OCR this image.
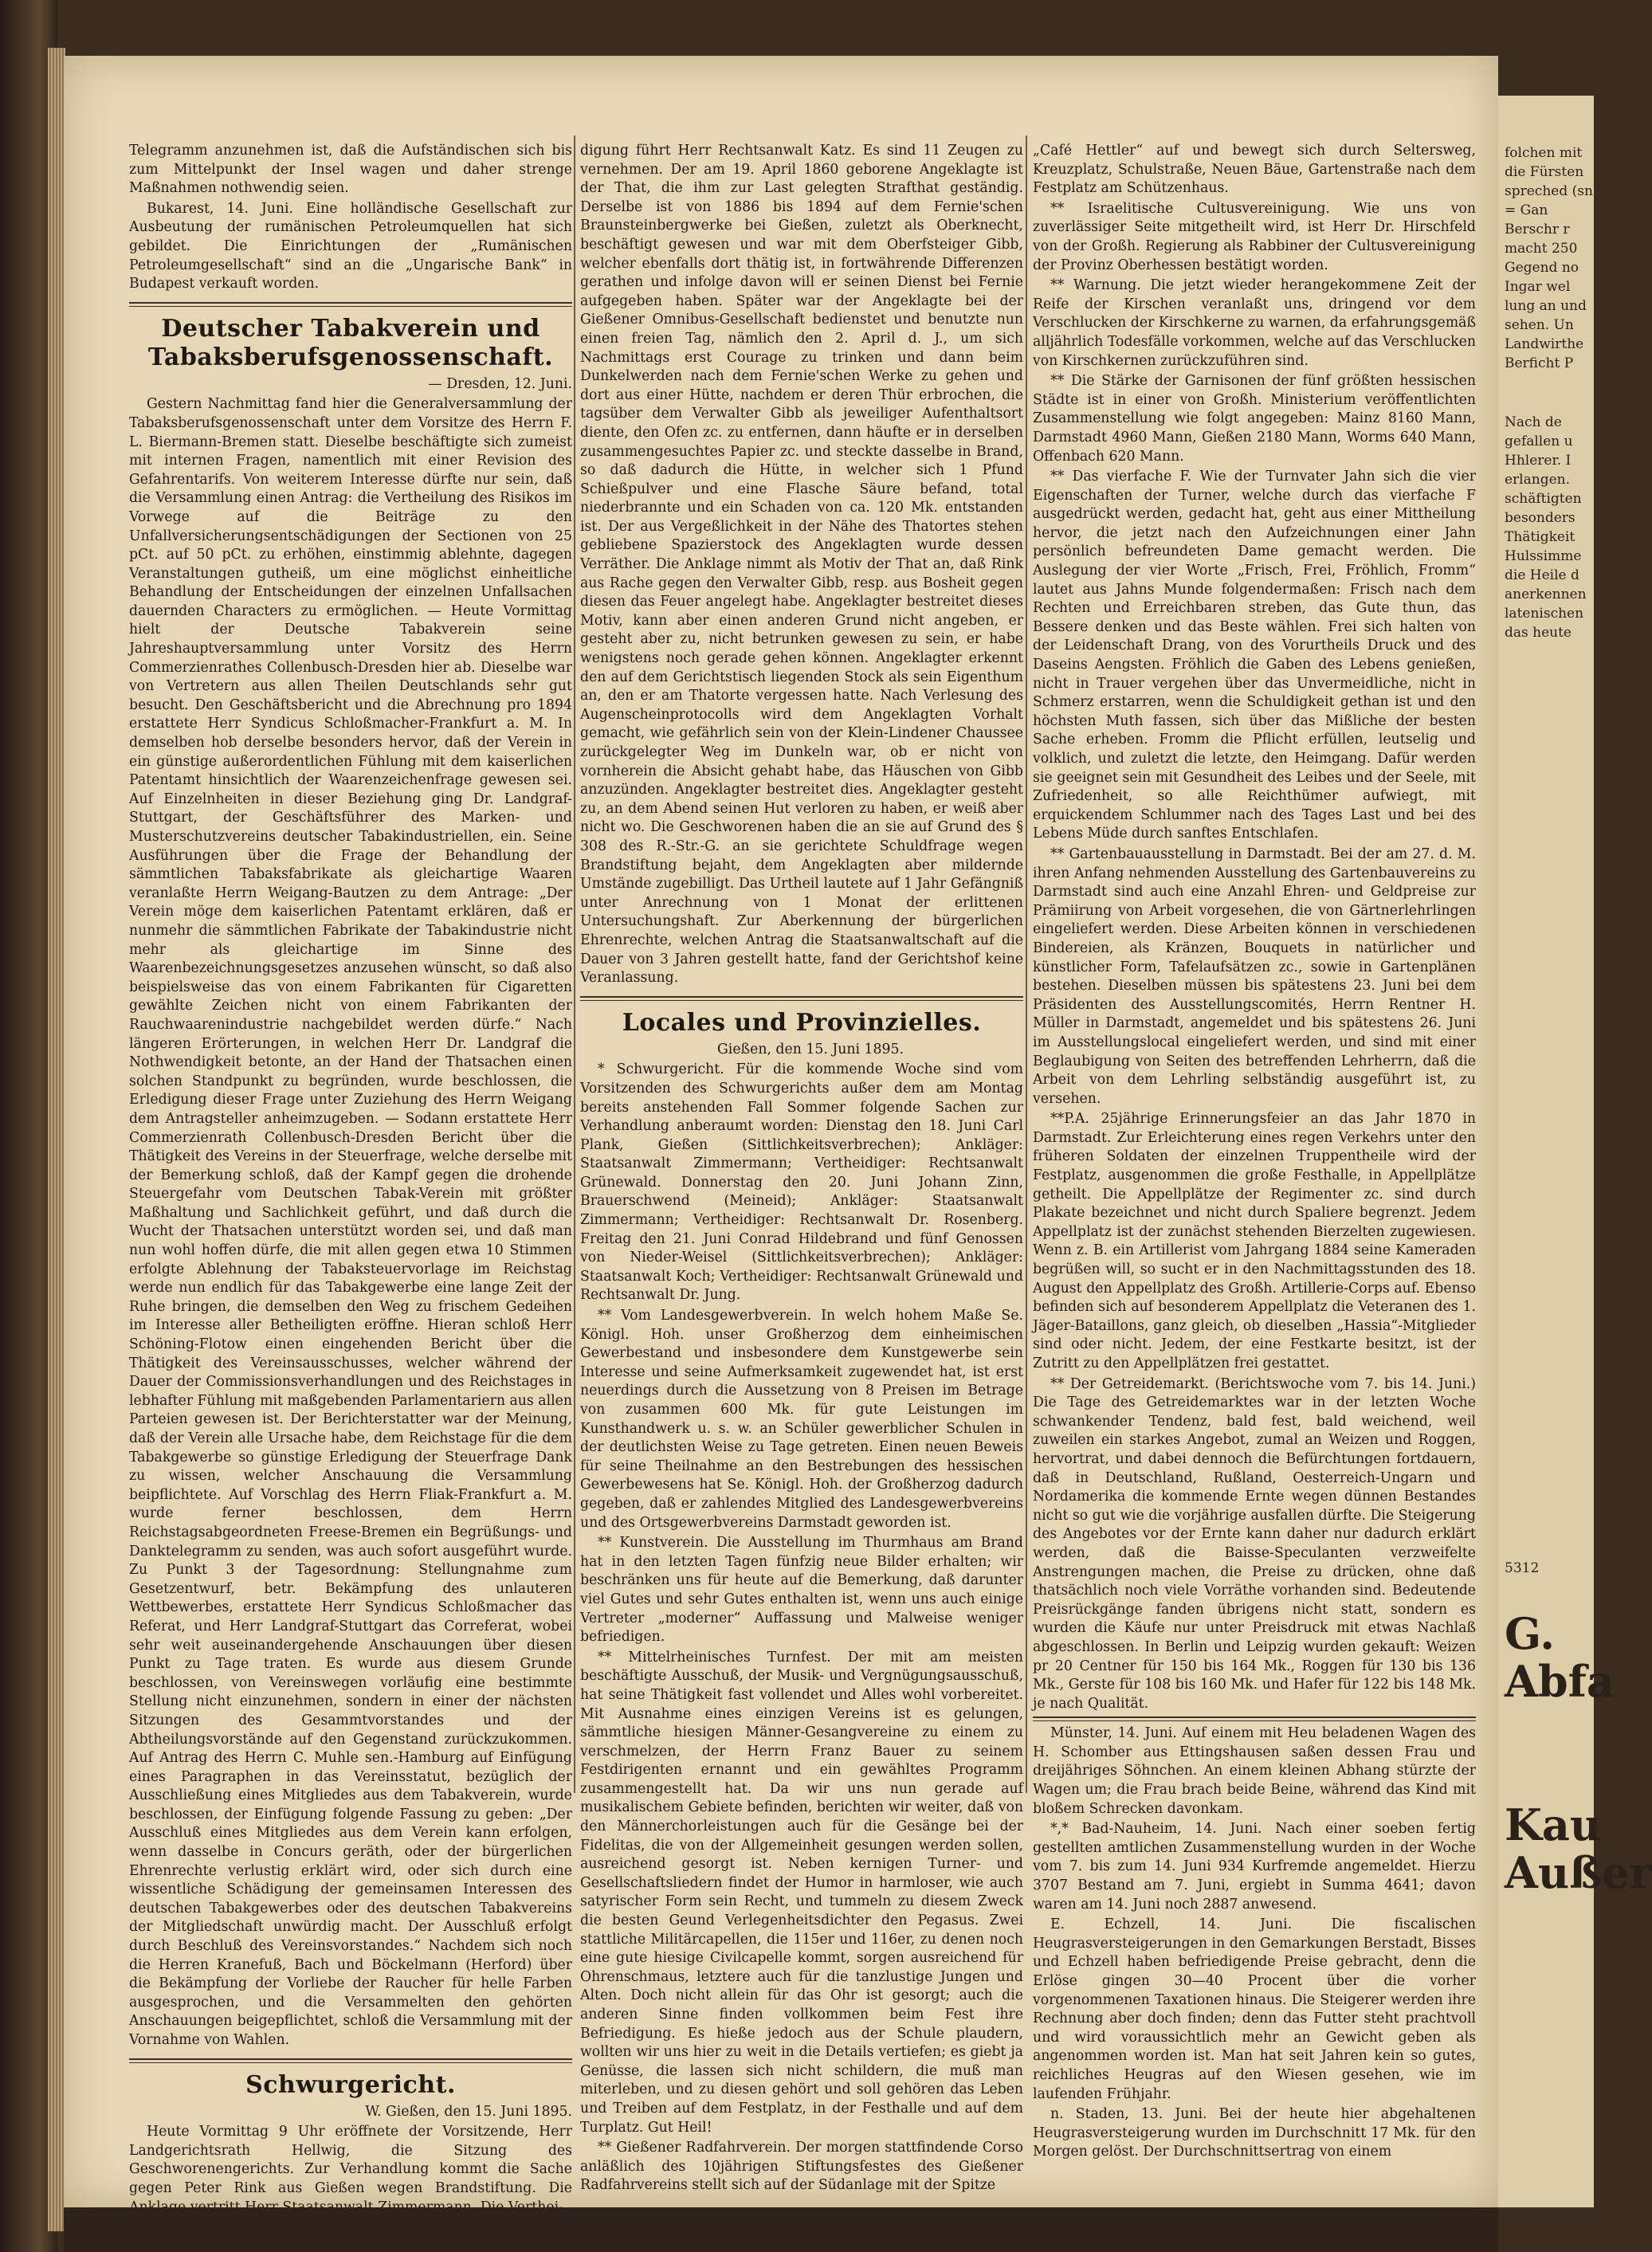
Telegramm anzunehmen ist, daß die Aufständischen sich bis zum Mittelpunkt der Insel wagen und daher strenge Maßnahmen nothwendig seien.

Bukarest, 14. Juni. Eine holländische Gesellschaft zur Ausbeutung der rumänischen Petroleumquellen hat sich gebildet. Die Einrichtungen der „Rumänischen Petroleumgesellschaft“ sind an die „Ungarische Bank“ in Budapest verkauft worden.

Deutscher Tabakverein und Tabaksberufsgenossenschaft.

— Dresden, 12. Juni.

Gestern Nachmittag fand hier die Generalversammlung der Tabaksberufsgenossenschaft unter dem Vorsitze des Herrn F. L. Biermann-Bremen statt. Dieselbe beschäftigte sich zumeist mit internen Fragen, namentlich mit einer Revision des Gefahrentarifs. Von weiterem Interesse dürfte nur sein, daß die Versammlung einen Antrag: die Vertheilung des Risikos im Vorwege auf die Beiträge zu den Unfallversicherungsentschädigungen der Sectionen von 25 pCt. auf 50 pCt. zu erhöhen, einstimmig ablehnte, dagegen Veranstaltungen gutheiß, um eine möglichst einheitliche Behandlung der Entscheidungen der einzelnen Unfallsachen dauernden Characters zu ermöglichen. — Heute Vormittag hielt der Deutsche Tabakverein seine Jahreshauptversammlung unter Vorsitz des Herrn Commerzienrathes Collenbusch-Dresden hier ab. Dieselbe war von Vertretern aus allen Theilen Deutschlands sehr gut besucht. Den Geschäftsbericht und die Abrechnung pro 1894 erstattete Herr Syndicus Schloßmacher-Frankfurt a. M. In demselben hob derselbe besonders hervor, daß der Verein in ein günstige außerordentlichen Fühlung mit dem kaiserlichen Patentamt hinsichtlich der Waarenzeichenfrage gewesen sei. Auf Einzelnheiten in dieser Beziehung ging Dr. Landgraf-Stuttgart, der Geschäftsführer des Marken- und Musterschutzvereins deutscher Tabakindustriellen, ein. Seine Ausführungen über die Frage der Behandlung der sämmtlichen Tabaksfabrikate als gleichartige Waaren veranlaßte Herrn Weigang-Bautzen zu dem Antrage: „Der Verein möge dem kaiserlichen Patentamt erklären, daß er nunmehr die sämmtlichen Fabrikate der Tabakindustrie nicht mehr als gleichartige im Sinne des Waarenbezeichnungsgesetzes anzusehen wünscht, so daß also beispielsweise das von einem Fabrikanten für Cigaretten gewählte Zeichen nicht von einem Fabrikanten der Rauchwaarenindustrie nachgebildet werden dürfe.“ Nach längeren Erörterungen, in welchen Herr Dr. Landgraf die Nothwendigkeit betonte, an der Hand der Thatsachen einen solchen Standpunkt zu begründen, wurde beschlossen, die Erledigung dieser Frage unter Zuziehung des Herrn Weigang dem Antragsteller anheimzugeben. — Sodann erstattete Herr Commerzienrath Collenbusch-Dresden Bericht über die Thätigkeit des Vereins in der Steuerfrage, welche derselbe mit der Bemerkung schloß, daß der Kampf gegen die drohende Steuergefahr vom Deutschen Tabak-Verein mit größter Maßhaltung und Sachlichkeit geführt, und daß durch die Wucht der Thatsachen unterstützt worden sei, und daß man nun wohl hoffen dürfe, die mit allen gegen etwa 10 Stimmen erfolgte Ablehnung der Tabaksteuervorlage im Reichstag werde nun endlich für das Tabakgewerbe eine lange Zeit der Ruhe bringen, die demselben den Weg zu frischem Gedeihen im Interesse aller Betheiligten eröffne. Hieran schloß Herr Schöning-Flotow einen eingehenden Bericht über die Thätigkeit des Vereinsausschusses, welcher während der Dauer der Commissionsverhandlungen und des Reichstages in lebhafter Fühlung mit maßgebenden Parlamentariern aus allen Parteien gewesen ist. Der Berichterstatter war der Meinung, daß der Verein alle Ursache habe, dem Reichstage für die dem Tabakgewerbe so günstige Erledigung der Steuerfrage Dank zu wissen, welcher Anschauung die Versammlung beipflichtete. Auf Vorschlag des Herrn Fliak-Frankfurt a. M. wurde ferner beschlossen, dem Herrn Reichstagsabgeordneten Freese-Bremen ein Begrüßungs- und Danktelegramm zu senden, was auch sofort ausgeführt wurde. Zu Punkt 3 der Tagesordnung: Stellungnahme zum Gesetzentwurf, betr. Bekämpfung des unlauteren Wettbewerbes, erstattete Herr Syndicus Schloßmacher das Referat, und Herr Landgraf-Stuttgart das Correferat, wobei sehr weit auseinandergehende Anschauungen über diesen Punkt zu Tage traten. Es wurde aus diesem Grunde beschlossen, von Vereinswegen vorläufig eine bestimmte Stellung nicht einzunehmen, sondern in einer der nächsten Sitzungen des Gesammtvorstandes und der Abtheilungsvorstände auf den Gegenstand zurückzukommen. Auf Antrag des Herrn C. Muhle sen.-Hamburg auf Einfügung eines Paragraphen in das Vereinsstatut, bezüglich der Ausschließung eines Mitgliedes aus dem Tabakverein, wurde beschlossen, der Einfügung folgende Fassung zu geben: „Der Ausschluß eines Mitgliedes aus dem Verein kann erfolgen, wenn dasselbe in Concurs geräth, oder der bürgerlichen Ehrenrechte verlustig erklärt wird, oder sich durch eine wissentliche Schädigung der gemeinsamen Interessen des deutschen Tabakgewerbes oder des deutschen Tabakvereins der Mitgliedschaft unwürdig macht. Der Ausschluß erfolgt durch Beschluß des Vereinsvorstandes.“ Nachdem sich noch die Herren Kranefuß, Bach und Böckelmann (Herford) über die Bekämpfung der Vorliebe der Raucher für helle Farben ausgesprochen, und die Versammelten den gehörten Anschauungen beigepflichtet, schloß die Versammlung mit der Vornahme von Wahlen.

Schwurgericht.

W. Gießen, den 15. Juni 1895.

Heute Vormittag 9 Uhr eröffnete der Vorsitzende, Herr Landgerichtsrath Hellwig, die Sitzung des Geschworenengerichts. Zur Verhandlung kommt die Sache gegen Peter Rink aus Gießen wegen Brandstiftung. Die

digung führt Herr Rechtsanwalt Katz. Es sind 11 Zeugen zu vernehmen. Der am 19. April 1860 geborene Angeklagte ist der That, die ihm zur Last gelegten Strafthat geständig. Derselbe ist von 1886 bis 1894 auf dem Fernie'schen Braunsteinbergwerke bei Gießen, zuletzt als Oberknecht, beschäftigt gewesen und war mit dem Oberfsteiger Gibb, welcher ebenfalls dort thätig ist, in fortwährende Differenzen gerathen und infolge davon will er seinen Dienst bei Fernie aufgegeben haben. Später war der Angeklagte bei der Gießener Omnibus-Gesellschaft bedienstet und benutzte nun einen freien Tag, nämlich den 2. April d. J., um sich Nachmittags erst Courage zu trinken und dann beim Dunkelwerden nach dem Fernie'schen Werke zu gehen und dort aus einer Hütte, nachdem er deren Thür erbrochen, die tagsüber dem Verwalter Gibb als jeweiliger Aufenthaltsort diente, den Ofen zc. zu entfernen, dann häufte er in derselben zusammengesuchtes Papier zc. und steckte dasselbe in Brand, so daß dadurch die Hütte, in welcher sich 1 Pfund Schießpulver und eine Flasche Säure befand, total niederbrannte und ein Schaden von ca. 120 Mk. entstanden ist. Der aus Vergeßlichkeit in der Nähe des Thatortes stehen gebliebene Spazierstock des Angeklagten wurde dessen Verräther. Die Anklage nimmt als Motiv der That an, daß Rink aus Rache gegen den Verwalter Gibb, resp. aus Bosheit gegen diesen das Feuer angelegt habe. Angeklagter bestreitet dieses Motiv, kann aber einen anderen Grund nicht angeben, er gesteht aber zu, nicht betrunken gewesen zu sein, er habe wenigstens noch gerade gehen können. Angeklagter erkennt den auf dem Gerichtstisch liegenden Stock als sein Eigenthum an, den er am Thatorte vergessen hatte. Nach Verlesung des Augenscheinprotocolls wird dem Angeklagten Vorhalt gemacht, wie gefährlich sein von der Klein-Lindener Chaussee zurückgelegter Weg im Dunkeln war, ob er nicht von vornherein die Absicht gehabt habe, das Häuschen von Gibb anzuzünden. Angeklagter bestreitet dies. Angeklagter gesteht zu, an dem Abend seinen Hut verloren zu haben, er weiß aber nicht wo. Die Geschworenen haben die an sie auf Grund des § 308 des R.-Str.-G. an sie gerichtete Schuldfrage wegen Brandstiftung bejaht, dem Angeklagten aber mildernde Umstände zugebilligt. Das Urtheil lautete auf 1 Jahr Gefängniß unter Anrechnung von 1 Monat der erlittenen Untersuchungshaft. Zur Aberkennung der bürgerlichen Ehrenrechte, welchen Antrag die Staatsanwaltschaft auf die Dauer von 3 Jahren gestellt hatte, fand der Gerichtshof keine Veranlassung.

Locales und Provinzielles.

Gießen, den 15. Juni 1895.

* Schwurgericht. Für die kommende Woche sind vom Vorsitzenden des Schwurgerichts außer dem am Montag bereits anstehenden Fall Sommer folgende Sachen zur Verhandlung anberaumt worden: Dienstag den 18. Juni Carl Plank, Gießen (Sittlichkeitsverbrechen); Ankläger: Staatsanwalt Zimmermann; Vertheidiger: Rechtsanwalt Grünewald. Donnerstag den 20. Juni Johann Zinn, Brauerschwend (Meineid); Ankläger: Staatsanwalt Zimmermann; Vertheidiger: Rechtsanwalt Dr. Rosenberg. Freitag den 21. Juni Conrad Hildebrand und fünf Genossen von Nieder-Weisel (Sittlichkeitsverbrechen); Ankläger: Staatsanwalt Koch; Vertheidiger: Rechtsanwalt Grünewald und Rechtsanwalt Dr. Jung.

** Vom Landesgewerbverein. In welch hohem Maße Se. Königl. Hoh. unser Großherzog dem einheimischen Gewerbestand und insbesondere dem Kunstgewerbe sein Interesse und seine Aufmerksamkeit zugewendet hat, ist erst neuerdings durch die Aussetzung von 8 Preisen im Betrage von zusammen 600 Mk. für gute Leistungen im Kunsthandwerk u. s. w. an Schüler gewerblicher Schulen in der deutlichsten Weise zu Tage getreten. Einen neuen Beweis für seine Theilnahme an den Bestrebungen des hessischen Gewerbewesens hat Se. Königl. Hoh. der Großherzog dadurch gegeben, daß er zahlendes Mitglied des Landesgewerbvereins und des Ortsgewerbvereins Darmstadt geworden ist.

** Kunstverein. Die Ausstellung im Thurmhaus am Brand hat in den letzten Tagen fünfzig neue Bilder erhalten; wir beschränken uns für heute auf die Bemerkung, daß darunter viel Gutes und sehr Gutes enthalten ist, wenn uns auch einige Vertreter „moderner“ Auffassung und Malweise weniger befriedigen.

** Mittelrheinisches Turnfest. Der mit am meisten beschäftigte Ausschuß, der Musik- und Vergnügungsausschuß, hat seine Thätigkeit fast vollendet und Alles wohl vorbereitet. Mit Ausnahme eines einzigen Vereins ist es gelungen, sämmtliche hiesigen Männer-Gesangvereine zu einem zu verschmelzen, der Herrn Franz Bauer zu seinem Festdirigenten ernannt und ein gewähltes Programm zusammengestellt hat. Da wir uns nun gerade auf musikalischem Gebiete befinden, berichten wir weiter, daß von den Männerchorleistungen auch für die Gesänge bei der Fidelitas, die von der Allgemeinheit gesungen werden sollen, ausreichend gesorgt ist. Neben kernigen Turner- und Gesellschaftsliedern findet der Humor in harmloser, wie auch satyrischer Form sein Recht, und tummeln zu diesem Zweck die besten Geund Verlegenheitsdichter den Pegasus. Zwei stattliche Militärcapellen, die 115er und 116er, zu denen noch eine gute hiesige Civilcapelle kommt, sorgen ausreichend für Ohrenschmaus, letztere auch für die tanzlustige Jungen und Alten. Doch nicht allein für das Ohr ist gesorgt; auch die anderen Sinne finden vollkommen beim Fest ihre Befriedigung. Es hieße jedoch aus der Schule plaudern, wollten wir uns hier zu weit in die Details vertiefen; es giebt ja Genüsse, die lassen sich nicht schildern, die muß man miterleben, und zu diesen gehört und soll gehören das Leben und Treiben auf dem Festplatz, in der Festhalle und auf dem Turplatz. Gut Heil!

** Gießener Radfahrverein. Der morgen stattfindende Corso anläßlich des 10jährigen Stiftungsfestes des Gießener Radfahrvereins stellt sich auf der Südanlage mit der Spitze

„Café Hettler“ auf und bewegt sich durch Seltersweg, Kreuzplatz, Schulstraße, Neuen Bäue, Gartenstraße nach dem Festplatz am Schützenhaus.

** Israelitische Cultusvereinigung. Wie uns von zuverlässiger Seite mitgetheilt wird, ist Herr Dr. Hirschfeld von der Großh. Regierung als Rabbiner der Cultusvereinigung der Provinz Oberhessen bestätigt worden.

** Warnung. Die jetzt wieder herangekommene Zeit der Reife der Kirschen veranlaßt uns, dringend vor dem Verschlucken der Kirschkerne zu warnen, da erfahrungsgemäß alljährlich Todesfälle vorkommen, welche auf das Verschlucken von Kirschkernen zurückzuführen sind.

** Die Stärke der Garnisonen der fünf größten hessischen Städte ist in einer von Großh. Ministerium veröffentlichten Zusammenstellung wie folgt angegeben: Mainz 8160 Mann, Darmstadt 4960 Mann, Gießen 2180 Mann, Worms 640 Mann, Offenbach 620 Mann.

** Das vierfache F. Wie der Turnvater Jahn sich die vier Eigenschaften der Turner, welche durch das vierfache F ausgedrückt werden, gedacht hat, geht aus einer Mittheilung hervor, die jetzt nach den Aufzeichnungen einer Jahn persönlich befreundeten Dame gemacht werden. Die Auslegung der vier Worte „Frisch, Frei, Fröhlich, Fromm“ lautet aus Jahns Munde folgendermaßen: Frisch nach dem Rechten und Erreichbaren streben, das Gute thun, das Bessere denken und das Beste wählen. Frei sich halten von der Leidenschaft Drang, von des Vorurtheils Druck und des Daseins Aengsten. Fröhlich die Gaben des Lebens genießen, nicht in Trauer vergehen über das Unvermeidliche, nicht in Schmerz erstarren, wenn die Schuldigkeit gethan ist und den höchsten Muth fassen, sich über das Mißliche der besten Sache erheben. Fromm die Pflicht erfüllen, leutselig und volklich, und zuletzt die letzte, den Heimgang. Dafür werden sie geeignet sein mit Gesundheit des Leibes und der Seele, mit Zufriedenheit, so alle Reichthümer aufwiegt, mit erquickendem Schlummer nach des Tages Last und bei des Lebens Müde durch sanftes Entschlafen.

** Gartenbauausstellung in Darmstadt. Bei der am 27. d. M. ihren Anfang nehmenden Ausstellung des Gartenbauvereins zu Darmstadt sind auch eine Anzahl Ehren- und Geldpreise zur Prämiirung von Arbeit vorgesehen, die von Gärtnerlehrlingen eingeliefert werden. Diese Arbeiten können in verschiedenen Bindereien, als Kränzen, Bouquets in natürlicher und künstlicher Form, Tafelaufsätzen zc., sowie in Gartenplänen bestehen. Dieselben müssen bis spätestens 23. Juni bei dem Präsidenten des Ausstellungscomités, Herrn Rentner H. Müller in Darmstadt, angemeldet und bis spätestens 26. Juni im Ausstellungslocal eingeliefert werden, und sind mit einer Beglaubigung von Seiten des betreffenden Lehrherrn, daß die Arbeit von dem Lehrling selbständig ausgeführt ist, zu versehen.

**P.A. 25jährige Erinnerungsfeier an das Jahr 1870 in Darmstadt. Zur Erleichterung eines regen Verkehrs unter den früheren Soldaten der einzelnen Truppentheile wird der Festplatz, ausgenommen die große Festhalle, in Appellplätze getheilt. Die Appellplätze der Regimenter zc. sind durch Plakate bezeichnet und nicht durch Spaliere begrenzt. Jedem Appellplatz ist der zunächst stehenden Bierzelten zugewiesen. Wenn z. B. ein Artillerist vom Jahrgang 1884 seine Kameraden begrüßen will, so sucht er in den Nachmittagsstunden des 18. August den Appellplatz des Großh. Artillerie-Corps auf. Ebenso befinden sich auf besonderem Appellplatz die Veteranen des 1. Jäger-Bataillons, ganz gleich, ob dieselben „Hassia“-Mitglieder sind oder nicht. Jedem, der eine Festkarte besitzt, ist der Zutritt zu den Appellplätzen frei gestattet.

** Der Getreidemarkt. (Berichtswoche vom 7. bis 14. Juni.) Die Tage des Getreidemarktes war in der letzten Woche schwankender Tendenz, bald fest, bald weichend, weil zuweilen ein starkes Angebot, zumal an Weizen und Roggen, hervortrat, und dabei dennoch die Befürchtungen fortdauern, daß in Deutschland, Rußland, Oesterreich-Ungarn und Nordamerika die kommende Ernte wegen dünnen Bestandes nicht so gut wie die vorjährige ausfallen dürfte. Die Steigerung des Angebotes vor der Ernte kann daher nur dadurch erklärt werden, daß die Baisse-Speculanten verzweifelte Anstrengungen machen, die Preise zu drücken, ohne daß thatsächlich noch viele Vorräthe vorhanden sind. Bedeutende Preisrückgänge fanden übrigens nicht statt, sondern es wurden die Käufe nur unter Preisdruck mit etwas Nachlaß abgeschlossen. In Berlin und Leipzig wurden gekauft: Weizen pr 20 Centner für 150 bis 164 Mk., Roggen für 130 bis 136 Mk., Gerste für 108 bis 160 Mk. und Hafer für 122 bis 148 Mk. je nach Qualität.

Münster, 14. Juni. Auf einem mit Heu beladenen Wagen des H. Schomber aus Ettingshausen saßen dessen Frau und dreijähriges Söhnchen. An einem kleinen Abhang stürzte der Wagen um; die Frau brach beide Beine, während das Kind mit bloßem Schrecken davonkam.

*,* Bad-Nauheim, 14. Juni. Nach einer soeben fertig gestellten amtlichen Zusammenstellung wurden in der Woche vom 7. bis zum 14. Juni 934 Kurfremde angemeldet. Hierzu 3707 Bestand am 7. Juni, ergiebt in Summa 4641; davon waren am 14. Juni noch 2887 anwesend.

E. Echzell, 14. Juni. Die fiscalischen Heugrasversteigerungen in den Gemarkungen Berstadt, Bisses und Echzell haben befriedigende Preise gebracht, denn die Erlöse gingen 30—40 Procent über die vorher vorgenommenen Taxationen hinaus. Die Steigerer werden ihre Rechnung aber doch finden; denn das Futter steht prachtvoll und wird voraussichtlich mehr an Gewicht geben als angenommen worden ist. Man hat seit Jahren kein so gutes, reichliches Heugras auf den Wiesen gesehen, wie im laufenden Frühjahr.

n. Staden, 13. Juni. Bei der heute hier abgehaltenen Heugrasversteigerung wurden im Durchschnitt 17 Mk. für den Morgen gelöst. Der Durchschnittsertrag von einem

folchen mit
die Fürsten
spreched (sn
= Gan
Berschr r
macht 250
Gegend no
Ingar wel
lung an und
sehen. Un
Landwirthe
Berficht P
Nach de
gefallen u
Hhlerer. I
erlangen.
schäftigten
besonders
Thätigkeit
Hulssimme
die Heile d
anerkennen
latenischen
das heute
5312
G.
Abfa
Kau
Außer
